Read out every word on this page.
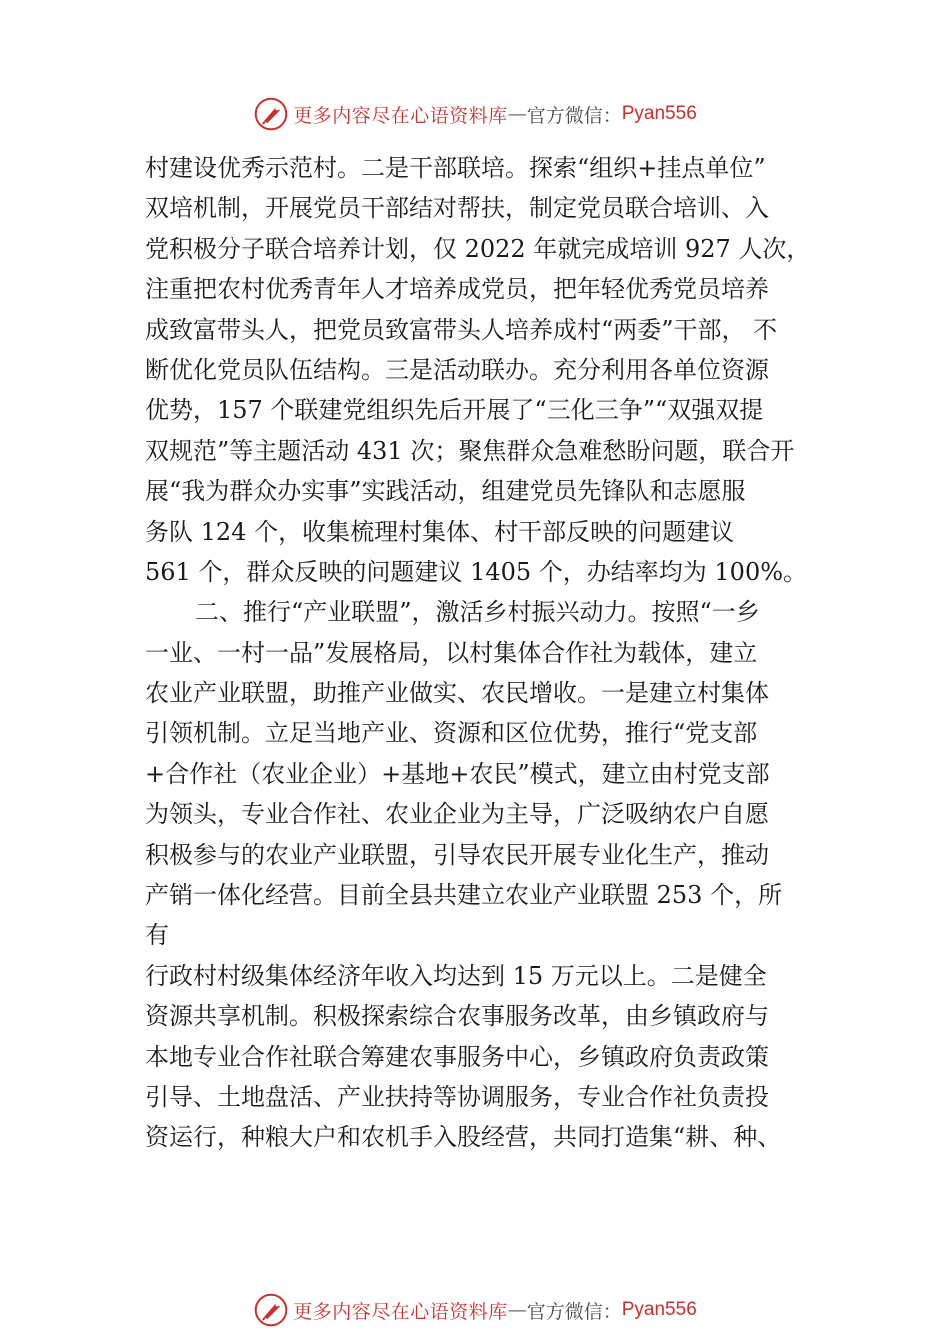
更多内容尽在心语资料库 — 官方微信： Pyan556
村建设优秀示范村。二是干部联培。探索“组织+挂点单位”
双培机制，开展党员干部结对帮扶，制定党员联合培训、入
党积极分子联合培养计划，仅 2022 年就完成培训 927 人次，
注重把农村优秀青年人才培养成党员，把年轻优秀党员培养
成致富带头人，把党员致富带头人培养成村“两委”干部， 不
断优化党员队伍结构。三是活动联办。充分利用各单位资源
优势，157 个联建党组织先后开展了“三化三争”“双强双提
双规范”等主题活动 431 次；聚焦群众急难愁盼问题，联合开
展“我为群众办实事”实践活动，组建党员先锋队和志愿服
务队 124 个，收集梳理村集体、村干部反映的问题建议
561 个，群众反映的问题建议 1405 个，办结率均为 100%。
二、推行“产业联盟”，激活乡村振兴动力。按照“一乡
一业、一村一品”发展格局，以村集体合作社为载体，建立
农业产业联盟，助推产业做实、农民增收。一是建立村集体
引领机制。立足当地产业、资源和区位优势，推行“党支部
+合作社（农业企业）+基地+农民”模式，建立由村党支部
为领头，专业合作社、农业企业为主导，广泛吸纳农户自愿
积极参与的农业产业联盟，引导农民开展专业化生产，推动
产销一体化经营。目前全县共建立农业产业联盟 253 个，所
有
行政村村级集体经济年收入均达到 15 万元以上。二是健全
资源共享机制。积极探索综合农事服务改革，由乡镇政府与
本地专业合作社联合筹建农事服务中心，乡镇政府负责政策
引导、土地盘活、产业扶持等协调服务，专业合作社负责投
资运行，种粮大户和农机手入股经营，共同打造集“耕、种、
更多内容尽在心语资料库 — 官方微信： Pyan556
